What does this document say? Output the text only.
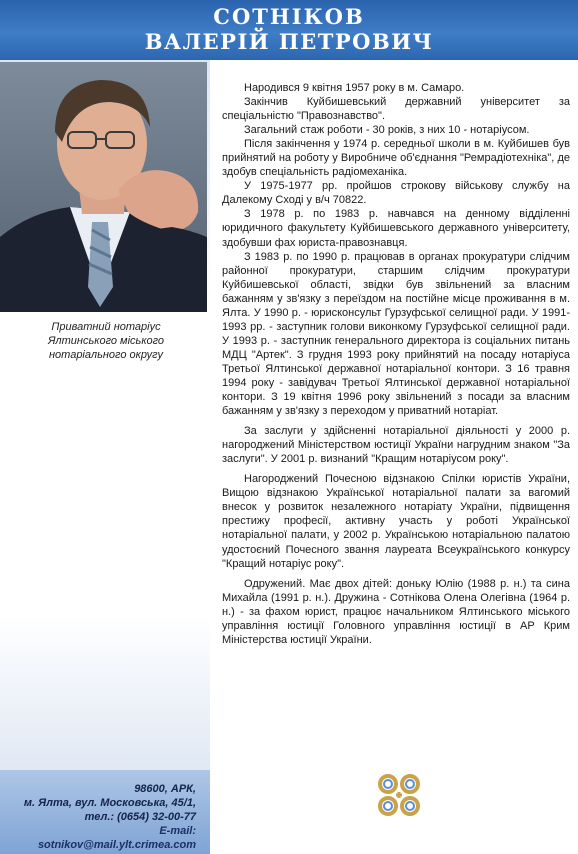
СОТНІКОВ
ВАЛЕРІЙ ПЕТРОВИЧ
Приватний нотаріус
Ялтинського міського
нотаріального округу

Народився 9 квітня 1957 року в м. Самаро.

Закінчив Куйбишевський державний університет за спеціальністю "Правознавство".

Загальний стаж роботи - 30 років, з них 10 - нотаріусом.

Після закінчення у 1974 р. середньої школи в м. Куйбишев був прийнятий на роботу у Виробниче об'єднання "Ремрадіотехніка", де здобув спеціальність радіомеханіка.

У 1975-1977 рр. пройшов строкову військову службу на Далекому Сході у в/ч 70822.

З 1978 р. по 1983 р. навчався на денному відділенні юридичного факультету Куйбишевського державного університету, здобувши фах юриста-правознавця.

З 1983 р. по 1990 р. працював в органах прокуратури слідчим районної прокуратури, старшим слідчим прокуратури Куйбишевської області, звідки був звільнений за власним бажанням у зв'язку з переїздом на постійне місце проживання в м. Ялта. У 1990 р. - юрисконсульт Гурзуфської селищної ради. У 1991-1993 рр. - заступник голови виконкому Гурзуфської селищної ради. У 1993 р. - заступник генерального директора із соціальних питань МДЦ "Артек". З грудня 1993 року прийнятий на посаду нотаріуса Третьої Ялтинської державної нотаріальної контори. З 16 травня 1994 року - завідувач Третьої Ялтинської державної нотаріальної контори. З 19 квітня 1996 року звільнений з посади за власним бажанням у зв'язку з переходом у приватний нотаріат.

За заслуги у здійсненні нотаріальної діяльності у 2000 р. нагороджений Міністерством юстиції України нагрудним знаком "За заслуги". У 2001 р. визнаний "Кращим нотаріусом року".

Нагороджений Почесною відзнакою Спілки юристів України, Вищою відзнакою Української нотаріальної палати за вагомий внесок у розвиток незалежного нотаріату України, підвищення престижу професії, активну участь у роботі Української нотаріальної палати, у 2002 р. Українською нотаріальною палатою удостоєний Почесного звання лауреата Всеукраїнського конкурсу "Кращий нотаріус року".

Одружений. Має двох дітей: доньку Юлію (1988 р. н.) та сина Михайла (1991 р. н.). Дружина - Сотнікова Олена Олегівна (1964 р. н.) - за фахом юрист, працює начальником Ялтинського міського управління юстиції Головного управління юстиції в АР Крим Міністерства юстиції України.

98600, АРК,
м. Ялта, вул. Московська, 45/1,
тел.: (0654) 32-00-77
E-mail: sotnikov@mail.ylt.crimea.com
